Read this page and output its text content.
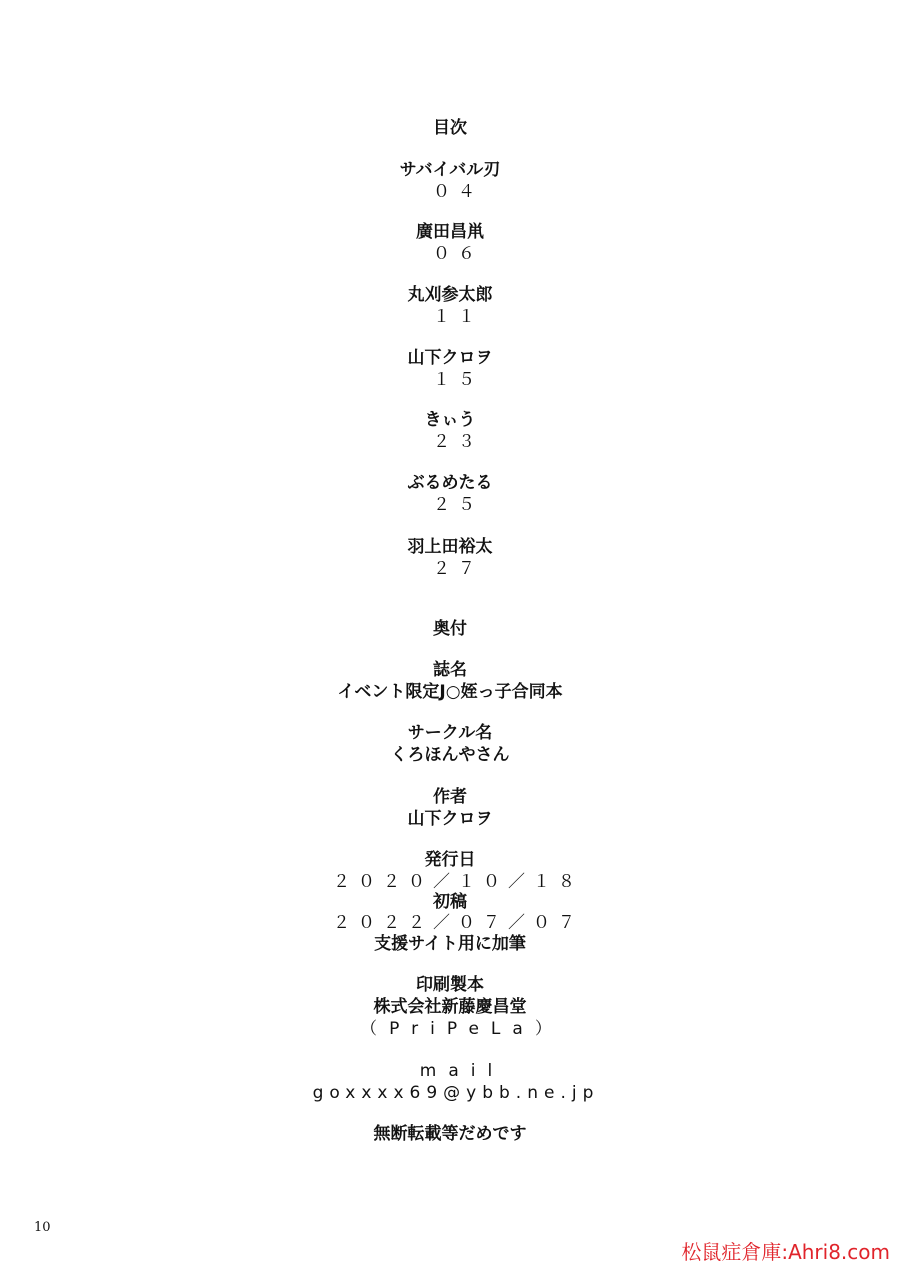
目次
サバイバル刃
０４
廣田昌鼡
０６
丸刈参太郎
１１
山下クロヲ
１５
きぃう
２３
ぶるめたる
２５
羽上田裕太
２７
奥付
誌名
イベント限定J○姪っ子合同本
サークル名
くろほんやさん
作者
山下クロヲ
発行日
２０２０／１０／１８
初稿
２０２２／０７／０７
支援サイト用に加筆
印刷製本
株式会社新藤慶昌堂
（PriPeLa）
mail
goxxxx69@ybb.ne.jp
無断転載等だめです
10
松鼠症倉庫:Ahri8.com
